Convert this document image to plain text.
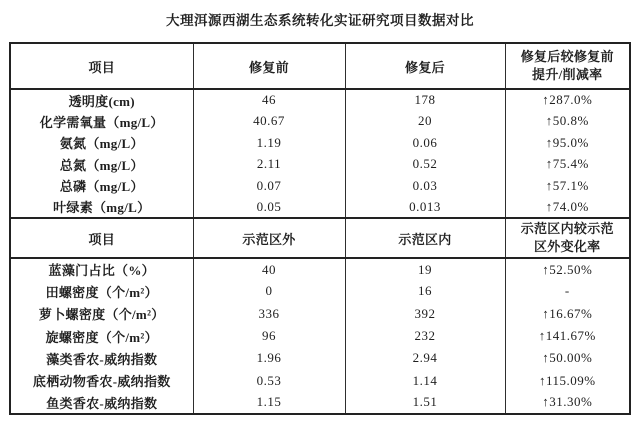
大理洱源西湖生态系统转化实证研究项目数据对比
项目	修复前	修复后	修复后较修复前
提升/削减率

透明度(cm)	46	178	↑287.0%
化学需氧量（mg/L）	40.67	20	↑50.8%
氨氮（mg/L）	1.19	0.06	↑95.0%
总氮（mg/L）	2.11	0.52	↑75.4%
总磷（mg/L）	0.07	0.03	↑57.1%
叶绿素（mg/L）	0.05	0.013	↑74.0%
项目	示范区外	示范区内	示范区内较示范
区外变化率

蓝藻门占比（%）	40	19	↑52.50%
田螺密度（个/m²）	0	16	-
萝卜螺密度（个/m²）	336	392	↑16.67%
旋螺密度（个/m²）	96	232	↑141.67%
藻类香农-威纳指数	1.96	2.94	↑50.00%
底栖动物香农-威纳指数	0.53	1.14	↑115.09%
鱼类香农-威纳指数	1.15	1.51	↑31.30%
